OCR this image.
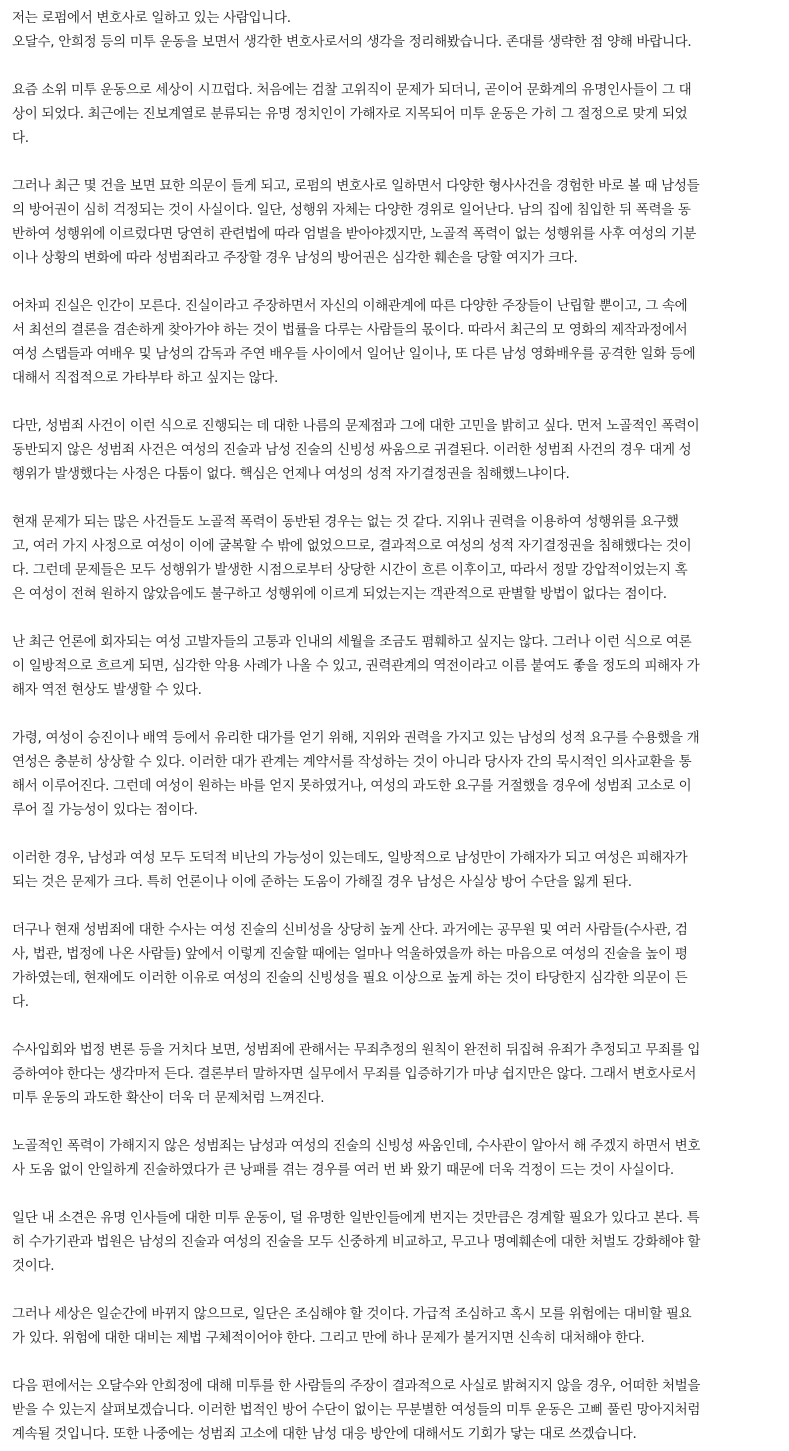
저는 로펌에서 변호사로 일하고 있는 사람입니다.
오달수, 안희정 등의 미투 운동을 보면서 생각한 변호사로서의 생각을 정리해봤습니다. 존대를 생략한 점 양해 바랍니다.

요즘 소위 미투 운동으로 세상이 시끄럽다. 처음에는 검찰 고위직이 문제가 되더니, 곧이어 문화계의 유명인사들이 그 대
상이 되었다. 최근에는 진보계열로 분류되는 유명 정치인이 가해자로 지목되어 미투 운동은 가히 그 절정으로 맞게 되었
다.

그러나 최근 몇 건을 보면 묘한 의문이 들게 되고, 로펌의 변호사로 일하면서 다양한 형사사건을 경험한 바로 볼 때 남성들
의 방어권이 심히 걱정되는 것이 사실이다. 일단, 성행위 자체는 다양한 경위로 일어난다. 남의 집에 침입한 뒤 폭력을 동
반하여 성행위에 이르렀다면 당연히 관련법에 따라 엄벌을 받아야겠지만, 노골적 폭력이 없는 성행위를 사후 여성의 기분
이나 상황의 변화에 따라 성범죄라고 주장할 경우 남성의 방어권은 심각한 훼손을 당할 여지가 크다.

어차피 진실은 인간이 모른다. 진실이라고 주장하면서 자신의 이해관계에 따른 다양한 주장들이 난립할 뿐이고, 그 속에
서 최선의 결론을 겸손하게 찾아가야 하는 것이 법률을 다루는 사람들의 몫이다. 따라서 최근의 모 영화의 제작과정에서
여성 스탭들과 여배우 및 남성의 감독과 주연 배우들 사이에서 일어난 일이나, 또 다른 남성 영화배우를 공격한 일화 등에
대해서 직접적으로 가타부타 하고 싶지는 않다.

다만, 성범죄 사건이 이런 식으로 진행되는 데 대한 나름의 문제점과 그에 대한 고민을 밝히고 싶다. 먼저 노골적인 폭력이
동반되지 않은 성범죄 사건은 여성의 진술과 남성 진술의 신빙성 싸움으로 귀결된다. 이러한 성범죄 사건의 경우 대게 성
행위가 발생했다는 사정은 다툼이 없다. 핵심은 언제나 여성의 성적 자기결정권을 침해했느냐이다.

현재 문제가 되는 많은 사건들도 노골적 폭력이 동반된 경우는 없는 것 같다. 지위나 권력을 이용하여 성행위를 요구했
고, 여러 가지 사정으로 여성이 이에 굴복할 수 밖에 없었으므로, 결과적으로 여성의 성적 자기결정권을 침해했다는 것이
다. 그런데 문제들은 모두 성행위가 발생한 시점으로부터 상당한 시간이 흐른 이후이고, 따라서 정말 강압적이었는지 혹
은 여성이 전혀 원하지 않았음에도 불구하고 성행위에 이르게 되었는지는 객관적으로 판별할 방법이 없다는 점이다.

난 최근 언론에 회자되는 여성 고발자들의 고통과 인내의 세월을 조금도 폄훼하고 싶지는 않다. 그러나 이런 식으로 여론
이 일방적으로 흐르게 되면, 심각한 악용 사례가 나올 수 있고, 권력관계의 역전이라고 이름 붙여도 좋을 정도의 피해자 가
해자 역전 현상도 발생할 수 있다.

가령, 여성이 승진이나 배역 등에서 유리한 대가를 얻기 위해, 지위와 권력을 가지고 있는 남성의 성적 요구를 수용했을 개
연성은 충분히 상상할 수 있다. 이러한 대가 관계는 계약서를 작성하는 것이 아니라 당사자 간의 묵시적인 의사교환을 통
해서 이루어진다. 그런데 여성이 원하는 바를 얻지 못하였거나, 여성의 과도한 요구를 거절했을 경우에 성범죄 고소로 이
루어 질 가능성이 있다는 점이다.

이러한 경우, 남성과 여성 모두 도덕적 비난의 가능성이 있는데도, 일방적으로 남성만이 가해자가 되고 여성은 피해자가
되는 것은 문제가 크다. 특히 언론이나 이에 준하는 도움이 가해질 경우 남성은 사실상 방어 수단을 잃게 된다.

더구나 현재 성범죄에 대한 수사는 여성 진술의 신비성을 상당히 높게 산다. 과거에는 공무원 및 여러 사람들(수사관, 검
사, 법관, 법정에 나온 사람들) 앞에서 이렇게 진술할 때에는 얼마나 억울하였을까 하는 마음으로 여성의 진술을 높이 평
가하였는데, 현재에도 이러한 이유로 여성의 진술의 신빙성을 필요 이상으로 높게 하는 것이 타당한지 심각한 의문이 든
다.

수사입회와 법정 변론 등을 거치다 보면, 성범죄에 관해서는 무죄추정의 원칙이 완전히 뒤집혀 유죄가 추정되고 무죄를 입
증하여야 한다는 생각마저 든다. 결론부터 말하자면 실무에서 무죄를 입증하기가 마냥 쉽지만은 않다. 그래서 변호사로서
미투 운동의 과도한 확산이 더욱 더 문제처럼 느껴진다.

노골적인 폭력이 가해지지 않은 성범죄는 남성과 여성의 진술의 신빙성 싸움인데, 수사관이 알아서 해 주겠지 하면서 변호
사 도움 없이 안일하게 진술하였다가 큰 낭패를 겪는 경우를 여러 번 봐 왔기 때문에 더욱 걱정이 드는 것이 사실이다.

일단 내 소견은 유명 인사들에 대한 미투 운동이, 덜 유명한 일반인들에게 번지는 것만큼은 경계할 필요가 있다고 본다. 특
히 수가기관과 법원은 남성의 진술과 여성의 진술을 모두 신중하게 비교하고, 무고나 명예훼손에 대한 처벌도 강화해야 할
것이다.

그러나 세상은 일순간에 바뀌지 않으므로, 일단은 조심해야 할 것이다. 가급적 조심하고 혹시 모를 위험에는 대비할 필요
가 있다. 위험에 대한 대비는 제법 구체적이어야 한다. 그리고 만에 하나 문제가 불거지면 신속히 대처해야 한다.

다음 편에서는 오달수와 안희정에 대해 미투를 한 사람들의 주장이 결과적으로 사실로 밝혀지지 않을 경우, 어떠한 처벌을
받을 수 있는지 살펴보겠습니다. 이러한 법적인 방어 수단이 없이는 무분별한 여성들의 미투 운동은 고삐 풀린 망아지처럼
계속될 것입니다. 또한 나중에는 성범죄 고소에 대한 남성 대응 방안에 대해서도 기회가 닿는 대로 쓰겠습니다.
